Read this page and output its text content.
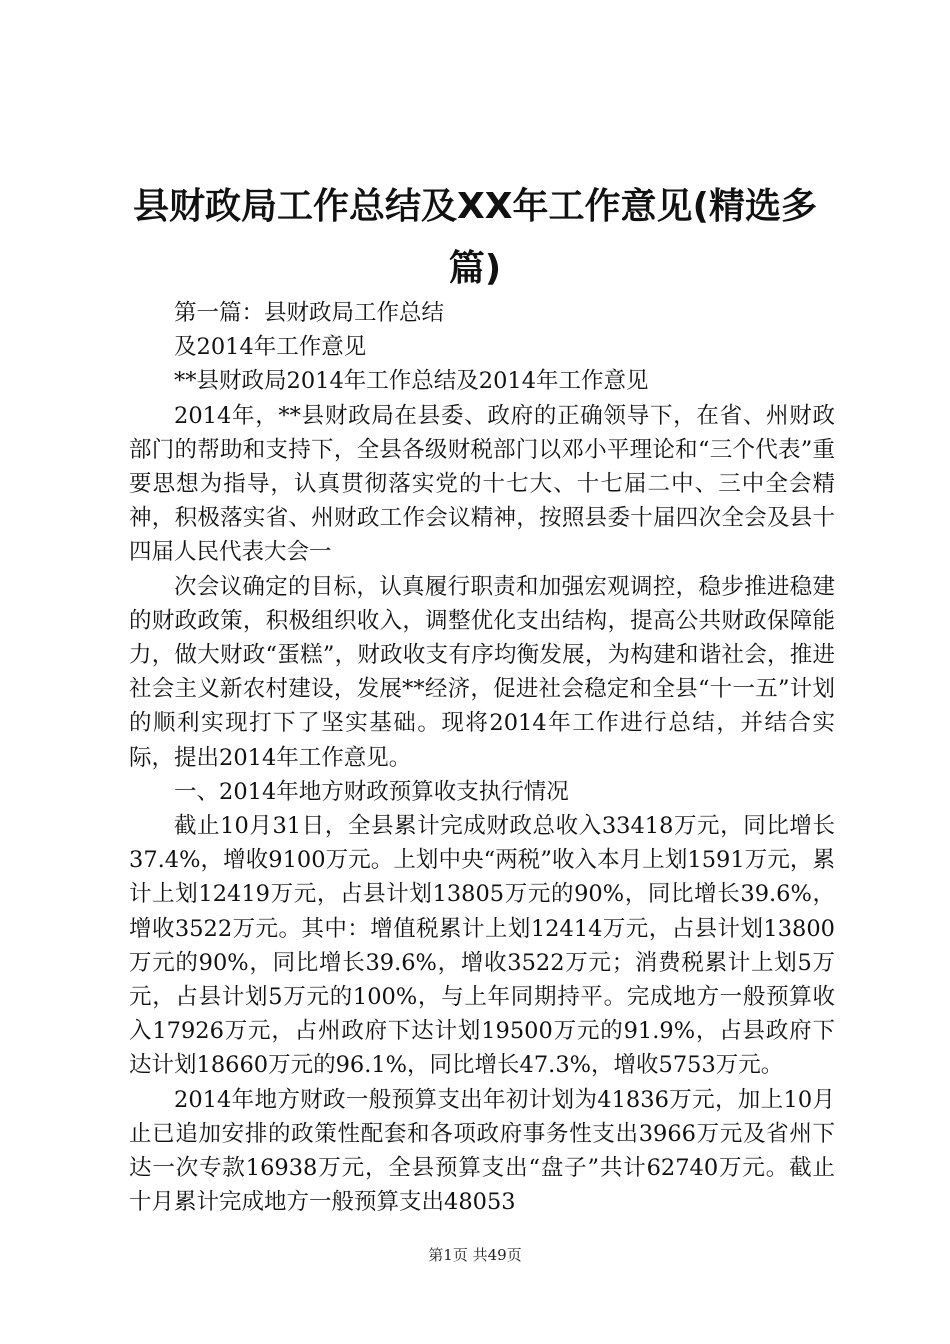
县财政局工作总结及XX年工作意见(精选多
篇)

第一篇：县财政局工作总结

及2014年工作意见

**县财政局2014年工作总结及2014年工作意见

2014年，**县财政局在县委、政府的正确领导下，在省、州财政部门的帮助和支持下，全县各级财税部门以邓小平理论和“三个代表”重要思想为指导，认真贯彻落实党的十七大、十七届二中、三中全会精神，积极落实省、州财政工作会议精神，按照县委十届四次全会及县十四届人民代表大会一

次会议确定的目标，认真履行职责和加强宏观调控，稳步推进稳建的财政政策，积极组织收入，调整优化支出结构，提高公共财政保障能力，做大财政“蛋糕”，财政收支有序均衡发展，为构建和谐社会，推进社会主义新农村建设，发展**经济，促进社会稳定和全县“十一五”计划的顺利实现打下了坚实基础。现将2014年工作进行总结，并结合实际，提出2014年工作意见。

一、2014年地方财政预算收支执行情况

截止10月31日，全县累计完成财政总收入33418万元，同比增长37.4%，增收9100万元。上划中央“两税”收入本月上划1591万元，累计上划12419万元，占县计划13805万元的90%，同比增长39.6%，增收3522万元。其中：增值税累计上划12414万元，占县计划13800万元的90%，同比增长39.6%，增收3522万元；消费税累计上划5万元，占县计划5万元的100%，与上年同期持平。完成地方一般预算收入17926万元，占州政府下达计划19500万元的91.9%，占县政府下达计划18660万元的96.1%，同比增长47.3%，增收5753万元。

2014年地方财政一般预算支出年初计划为41836万元，加上10月止已追加安排的政策性配套和各项政府事务性支出3966万元及省州下达一次专款16938万元，全县预算支出“盘子”共计62740万元。截止十月累计完成地方一般预算支出48053

第1页 共49页
